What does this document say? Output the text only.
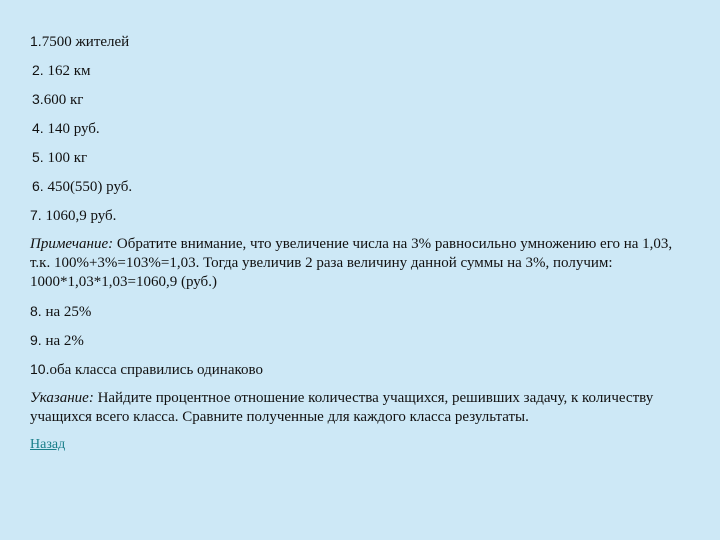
1.7500 жителей
2. 162 км
3.600 кг
4. 140 руб.
5. 100 кг
6. 450(550) руб.
7. 1060,9 руб.
Примечание: Обратите внимание, что увеличение числа на 3% равносильно умножению его на 1,03, т.к. 100%+3%=103%=1,03. Тогда увеличив 2 раза величину данной суммы на 3%, получим: 1000*1,03*1,03=1060,9 (руб.)
8. на 25%
9. на 2%
10.оба класса справились одинаково
Указание: Найдите процентное отношение количества учащихся, решивших задачу, к количеству учащихся всего класса. Сравните полученные для каждого класса результаты.
Назад
